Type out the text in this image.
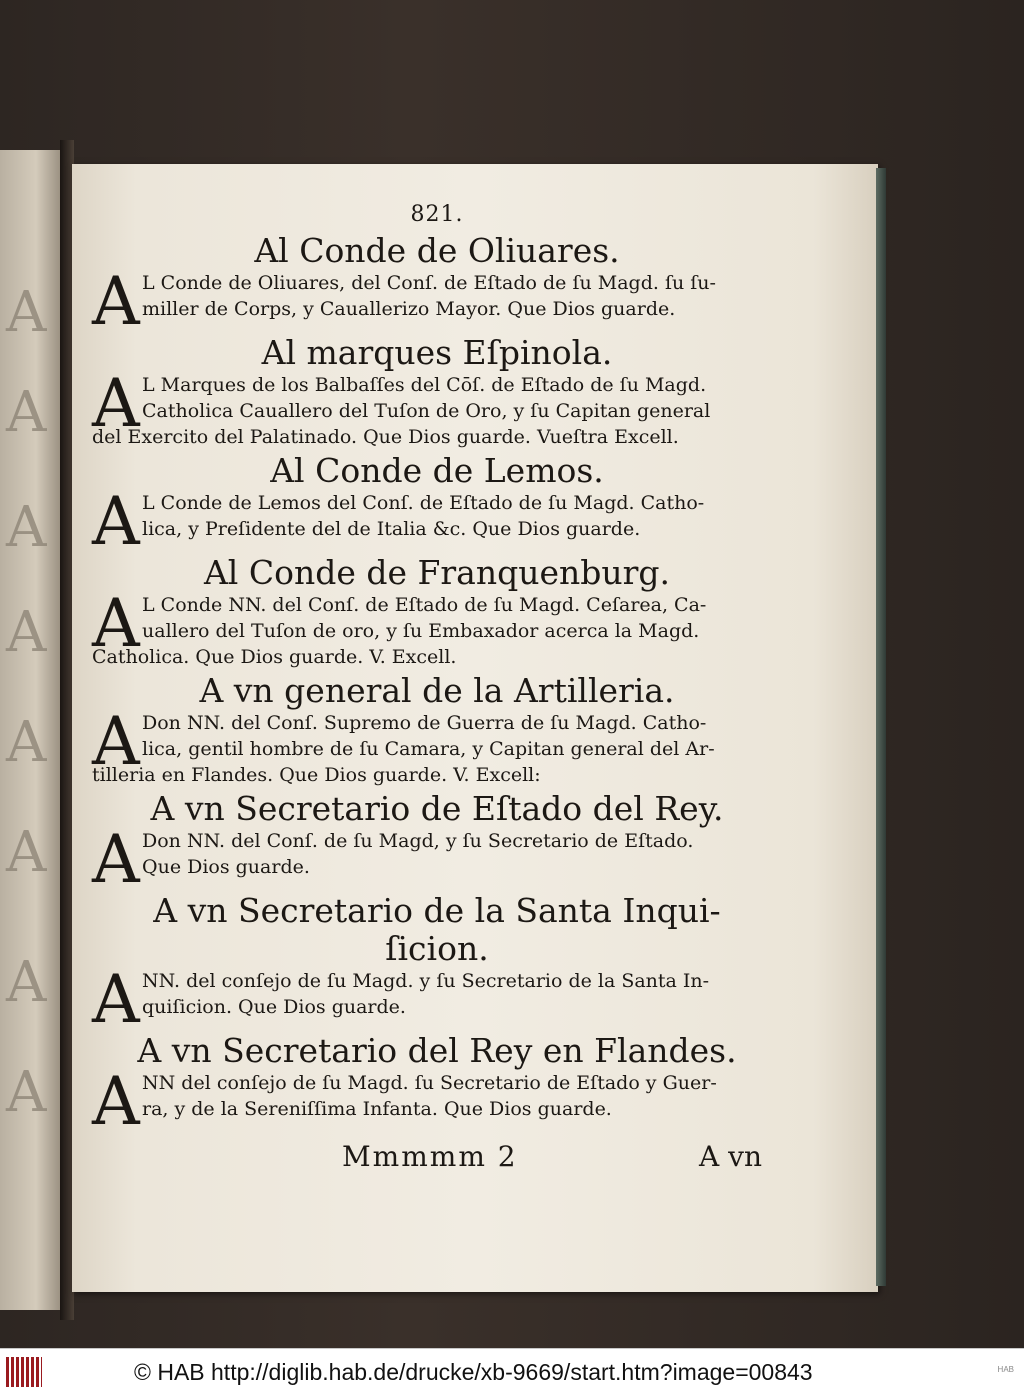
A
A
A
A
A
A
A
A
821.
Al Conde de Oliuares.
A L Conde de Oliuares, del Conſ. de Eſtado de ſu Magd. ſu ſu-
miller de Corps, y Cauallerizo Mayor. Que Dios guarde.
Al marques Eſpinola.
A L Marques de los Balbaſſes del Cōſ. de Eſtado de ſu Magd.
Catholica Cauallero del Tuſon de Oro, y ſu Capitan general
del Exercito del Palatinado. Que Dios guarde. Vueſtra Excell.
Al Conde de Lemos.
A L Conde de Lemos del Conſ. de Eſtado de ſu Magd. Catho-
lica, y Preſidente del de Italia &c. Que Dios guarde.
Al Conde de Franquenburg.
A L Conde NN. del Conſ. de Eſtado de ſu Magd. Ceſarea, Ca-
uallero del Tuſon de oro, y ſu Embaxador acerca la Magd.
Catholica. Que Dios guarde. V. Excell.
A vn general de la Artilleria.
A Don NN. del Conſ. Supremo de Guerra de ſu Magd. Catho-
lica, gentil hombre de ſu Camara, y Capitan general del Ar-
tilleria en Flandes. Que Dios guarde. V. Excell:
A vn Secretario de Eſtado del Rey.
A Don NN. del Conſ. de ſu Magd, y ſu Secretario de Eſtado.
Que Dios guarde.
A vn Secretario de la Santa Inqui- ſicion.
A NN. del conſejo de ſu Magd. y ſu Secretario de la Santa In-
quiſicion. Que Dios guarde.
A vn Secretario del Rey en Flandes.
A NN del conſejo de ſu Magd. ſu Secretario de Eſtado y Guer-
ra, y de la Sereniſſima Infanta. Que Dios guarde.
Mmmmm 2	A vn
© HAB http://diglib.hab.de/drucke/xb-9669/start.htm?image=00843	HAB
